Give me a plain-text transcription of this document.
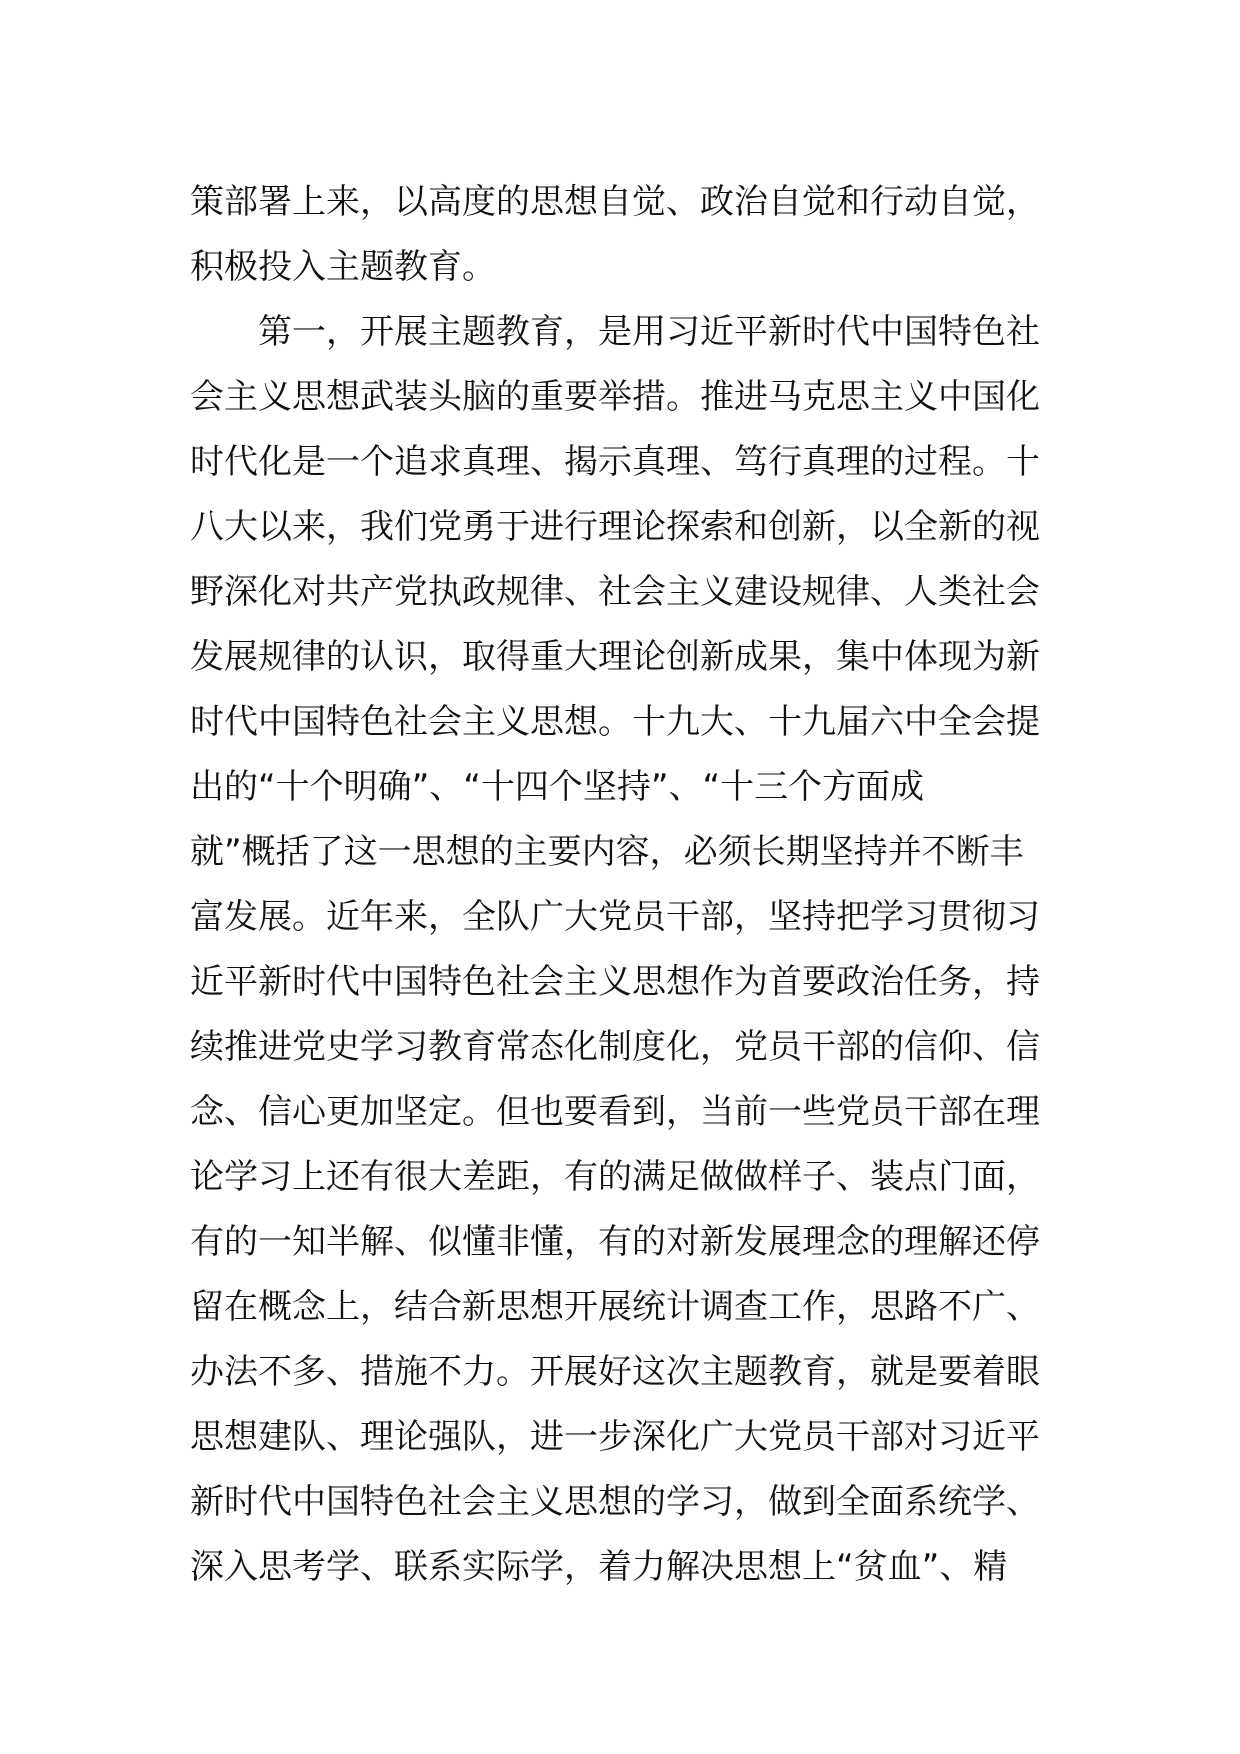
策部署上来，以高度的思想自觉、政治自觉和行动自觉，
积极投入主题教育。
第一，开展主题教育，是用习近平新时代中国特色社
会主义思想武装头脑的重要举措。推进马克思主义中国化
时代化是一个追求真理、揭示真理、笃行真理的过程。十
八大以来，我们党勇于进行理论探索和创新，以全新的视
野深化对共产党执政规律、社会主义建设规律、人类社会
发展规律的认识，取得重大理论创新成果，集中体现为新
时代中国特色社会主义思想。十九大、十九届六中全会提
出的“十个明确”、“十四个坚持”、“十三个方面成
就”概括了这一思想的主要内容，必须长期坚持并不断丰
富发展。近年来，全队广大党员干部，坚持把学习贯彻习
近平新时代中国特色社会主义思想作为首要政治任务，持
续推进党史学习教育常态化制度化，党员干部的信仰、信
念、信心更加坚定。但也要看到，当前一些党员干部在理
论学习上还有很大差距，有的满足做做样子、装点门面，
有的一知半解、似懂非懂，有的对新发展理念的理解还停
留在概念上，结合新思想开展统计调查工作，思路不广、
办法不多、措施不力。开展好这次主题教育，就是要着眼
思想建队、理论强队，进一步深化广大党员干部对习近平
新时代中国特色社会主义思想的学习，做到全面系统学、
深入思考学、联系实际学，着力解决思想上“贫血”、精
